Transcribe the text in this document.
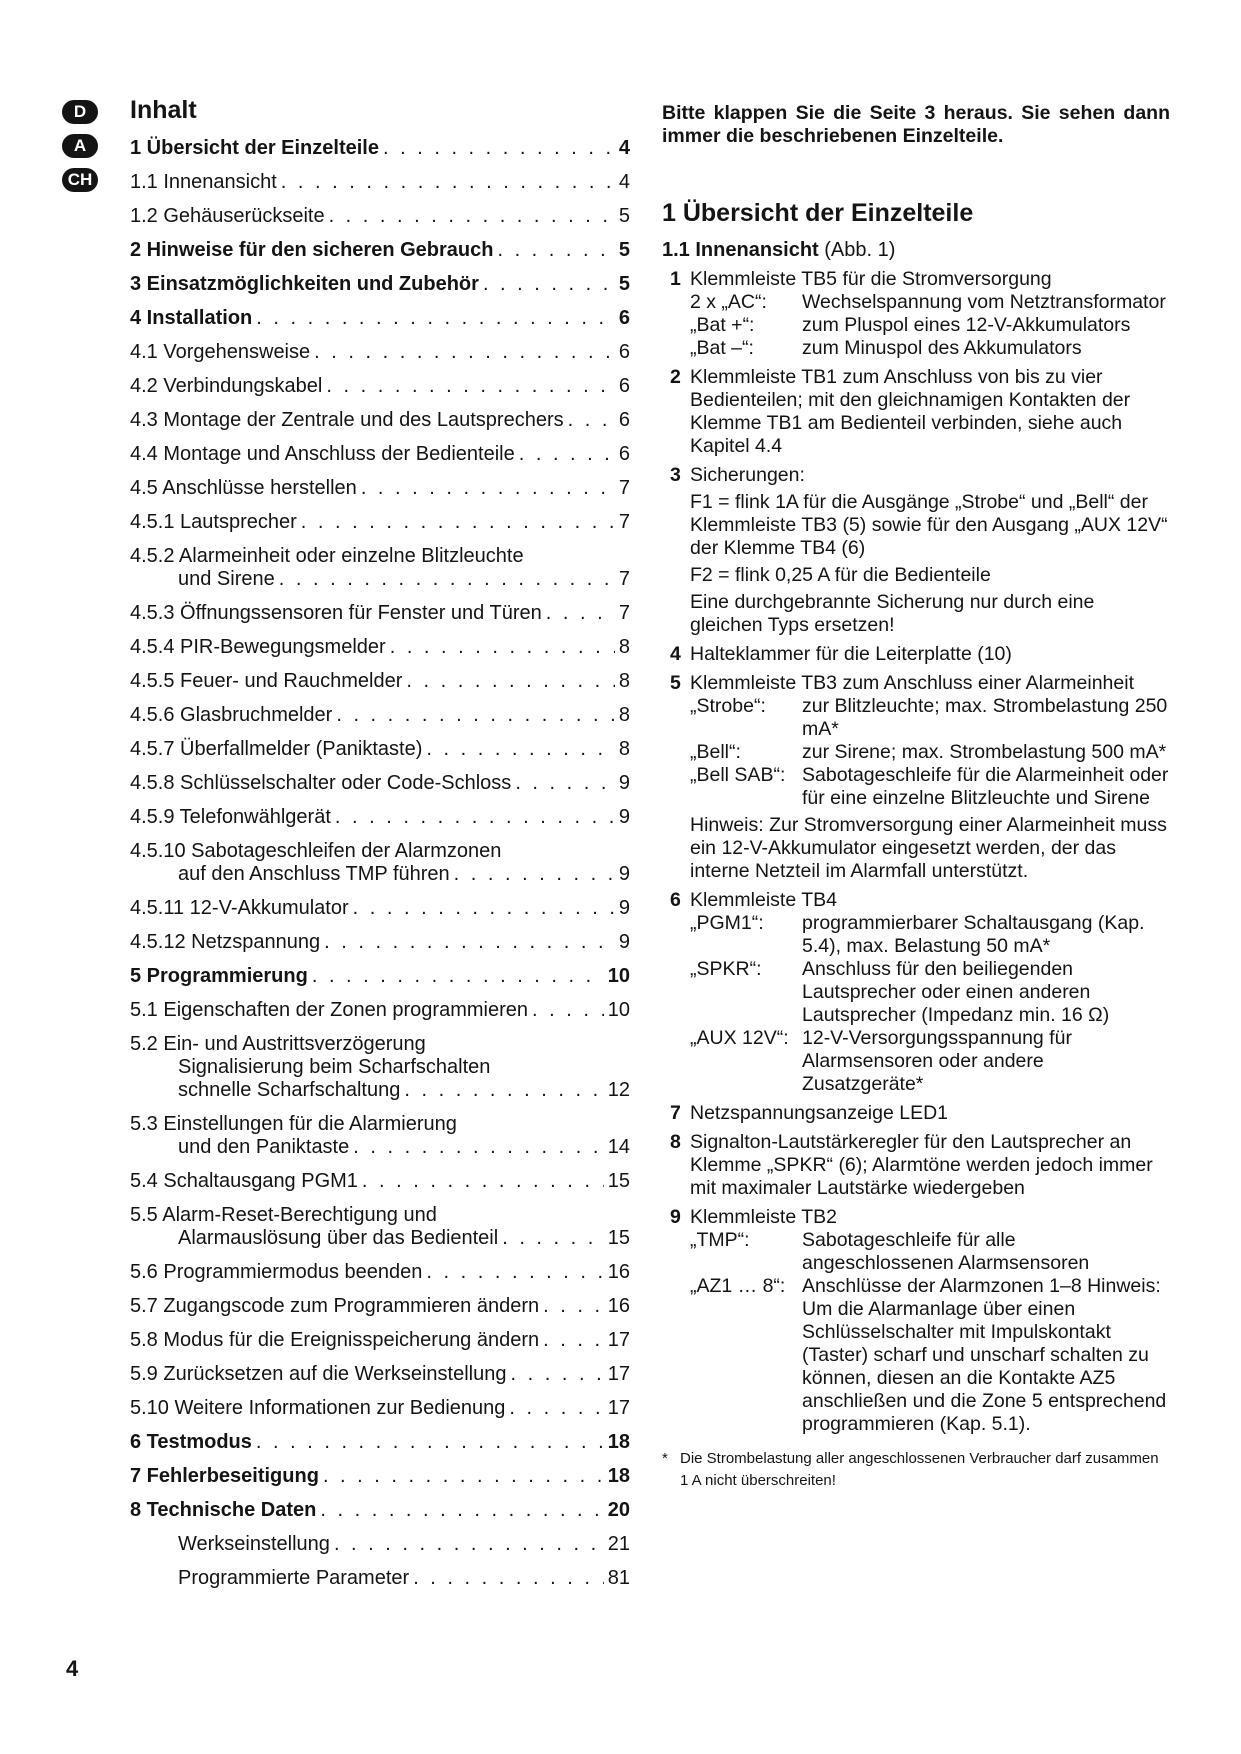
D
A
CH
Inhalt
1 Übersicht der Einzelteile . . .	4
1.1 Innenansicht . . .	4
1.2 Gehäuserückseite . . .	5
2 Hinweise für den sicheren Gebrauch . . .	5
3 Einsatzmöglichkeiten und Zubehör . . .	5
4 Installation . . .	6
4.1 Vorgehensweise . . .	6
4.2 Verbindungskabel . . .	6
4.3 Montage der Zentrale und des Lautsprechers . . .	6
4.4 Montage und Anschluss der Bedienteile . . .	6
4.5 Anschlüsse herstellen . . .	7
4.5.1 Lautsprecher . . .	7
4.5.2 Alarmeinheit oder einzelne Blitzleuchte
und Sirene . . .	7
4.5.3 Öffnungssensoren für Fenster und Türen . . .	7
4.5.4 PIR-Bewegungsmelder . . .	8
4.5.5 Feuer- und Rauchmelder . . .	8
4.5.6 Glasbruchmelder . . .	8
4.5.7 Überfallmelder (Paniktaste) . . .	8
4.5.8 Schlüsselschalter oder Code-Schloss . . .	9
4.5.9 Telefonwählgerät . . .	9
4.5.10 Sabotageschleifen der Alarmzonen
auf den Anschluss TMP führen . . .	9
4.5.11 12-V-Akkumulator . . .	9
4.5.12 Netzspannung . . .	9
5 Programmierung . . .	10
5.1 Eigenschaften der Zonen programmieren . . .	10
5.2 Ein- und Austrittsverzögerung
Signalisierung beim Scharfschalten
schnelle Scharfschaltung . . .	12
5.3 Einstellungen für die Alarmierung
und den Paniktaste . . .	14
5.4 Schaltausgang PGM1 . . .	15
5.5 Alarm-Reset-Berechtigung und
Alarmauslösung über das Bedienteil . . .	15
5.6 Programmiermodus beenden . . .	16
5.7 Zugangscode zum Programmieren ändern . . .	16
5.8 Modus für die Ereignisspeicherung ändern . . .	17
5.9 Zurücksetzen auf die Werkseinstellung . . .	17
5.10 Weitere Informationen zur Bedienung . . .	17
6 Testmodus . . .	18
7 Fehlerbeseitigung . . .	18
8 Technische Daten . . .	20
Werkseinstellung . . .	21
Programmierte Parameter . . .	81
Bitte klappen Sie die Seite 3 heraus. Sie sehen dann immer die beschriebenen Einzelteile.
1 Übersicht der Einzelteile
1.1 Innenansicht (Abb. 1)
1 Klemmleiste TB5 für die Stromversorgung
2 x „AC“:	Wechselspannung vom Netztransformator
„Bat +“:	zum Pluspol eines 12-V-Akkumulators
„Bat –“:	zum Minuspol des Akkumulators
2 Klemmleiste TB1 zum Anschluss von bis zu vier Bedienteilen; mit den gleichnamigen Kontakten der Klemme TB1 am Bedienteil verbinden, siehe auch Kapitel 4.4
3 Sicherungen:
F1 = flink 1A für die Ausgänge „Strobe“ und „Bell“ der Klemmleiste TB3 (5) sowie für den Ausgang „AUX 12V“ der Klemme TB4 (6)
F2 = flink 0,25 A für die Bedienteile
Eine durchgebrannte Sicherung nur durch eine gleichen Typs ersetzen!
4 Halteklammer für die Leiterplatte (10)
5 Klemmleiste TB3 zum Anschluss einer Alarmeinheit
„Strobe“:	zur Blitzleuchte; max. Strombelastung 250 mA*
„Bell“:	zur Sirene; max. Strombelastung 500 mA*
„Bell SAB“: Sabotageschleife für die Alarmeinheit oder für eine einzelne Blitzleuchte und Sirene
Hinweis: Zur Stromversorgung einer Alarmeinheit muss ein 12-V-Akkumulator eingesetzt werden, der das interne Netzteil im Alarmfall unterstützt.
6 Klemmleiste TB4
„PGM1“:	programmierbarer Schaltausgang (Kap. 5.4), max. Belastung 50 mA*
„SPKR“:	Anschluss für den beiliegenden Lautsprecher oder einen anderen Lautsprecher (Impedanz min. 16 Ω)
„AUX 12V“: 12-V-Versorgungsspannung für Alarmsensoren oder andere Zusatzgeräte*
7 Netzspannungsanzeige LED1
8 Signalton-Lautstärkeregler für den Lautsprecher an Klemme „SPKR“ (6); Alarmtöne werden jedoch immer mit maximaler Lautstärke wiedergeben
9 Klemmleiste TB2
„TMP“:	Sabotageschleife für alle angeschlossenen Alarmsensoren
„AZ1 … 8“: Anschlüsse der Alarmzonen 1–8 Hinweis: Um die Alarmanlage über einen Schlüsselschalter mit Impulskontakt (Taster) scharf und unscharf schalten zu können, diesen an die Kontakte AZ5 anschließen und die Zone 5 entsprechend programmieren (Kap. 5.1).
* Die Strombelastung aller angeschlossenen Verbraucher darf zusammen 1 A nicht überschreiten!
4
